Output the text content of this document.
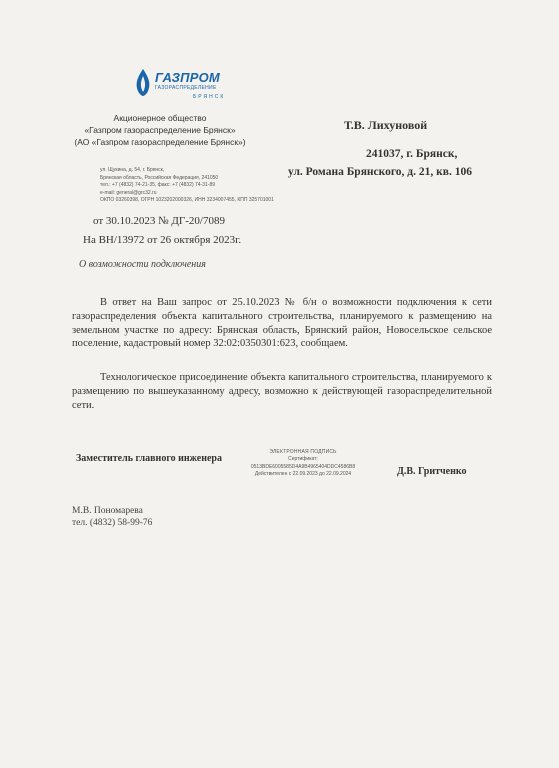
ГАЗПРОМ
ГАЗОРАСПРЕДЕЛЕНИЕ
БРЯНСК
Акционерное общество
«Газпром газораспределение Брянск»
(АО «Газпром газораспределение Брянск»)
ул. Щукина, д. 54, г. Брянск,
Брянская область, Российская Федерация, 241050
тел.: +7 (4832) 74-21-35, факс: +7 (4832) 74-31-89
e-mail: general@grc32.ru
ОКПО 03260398, ОГРН 1023202000326, ИНН 3234007455, КПП 325701001
от 30.10.2023 № ДГ-20/7089
На ВН/13972 от 26 октября 2023г.
О возможности подключения
Т.В. Лихуновой
241037, г. Брянск,
ул. Романа Брянского, д. 21, кв. 106
В ответ на Ваш запрос от 25.10.2023 № б/н о возможности подключения к сети газораспределения объекта капитального строительства, планируемого к размещению на земельном участке по адресу: Брянская область, Брянский район, Новосельское сельское поселение, кадастровый номер 32:02:0350301:623, сообщаем.
Технологическое присоединение объекта капитального строительства, планируемого к размещению по вышеуказанному адресу, возможно к действующей газораспределительной сети.
Заместитель главного инженера
ЭЛЕКТРОННАЯ ПОДПИСЬ
Сертификат:
0513BDE6005585D4A9B4965404DDC4586B8
Действителен с 22.09.2023 до 22.09.2024	Д.В. Гритченко
М.В. Пономарева
тел. (4832) 58-99-76
